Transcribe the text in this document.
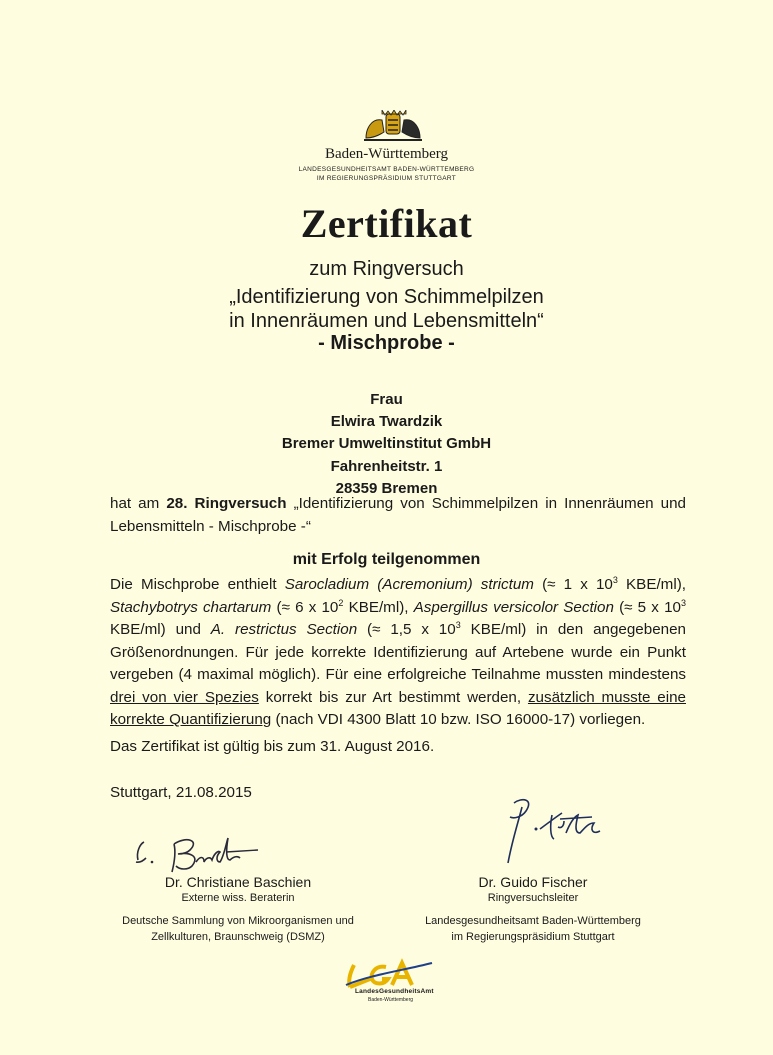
Baden-Württemberg
LANDESGESUNDHEITSAMT BADEN-WÜRTTEMBERG
IM REGIERUNGSPRÄSIDIUM STUTTGART
Zertifikat
zum Ringversuch
„Identifizierung von Schimmelpilzen
in Innenräumen und Lebensmitteln“
- Mischprobe -
Frau
Elwira Twardzik
Bremer Umweltinstitut GmbH
Fahrenheitstr. 1
28359 Bremen
hat am 28. Ringversuch „Identifizierung von Schimmelpilzen in Innenräumen und Lebensmitteln - Mischprobe -“
mit Erfolg teilgenommen
Die Mischprobe enthielt Sarocladium (Acremonium) strictum (≈ 1 x $10^3$ KBE/ml), Stachybotrys chartarum (≈ 6 x $10^2$ KBE/ml), Aspergillus versicolor Section (≈ 5 x $10^3$ KBE/ml) und A. restrictus Section (≈ 1,5 x $10^3$ KBE/ml) in den angegebenen Größenordnungen. Für jede korrekte Identifizierung auf Artebene wurde ein Punkt vergeben (4 maximal möglich). Für eine erfolgreiche Teilnahme mussten mindestens drei von vier Spezies korrekt bis zur Art bestimmt werden, zusätzlich musste eine korrekte Quantifizierung (nach VDI 4300 Blatt 10 bzw. ISO 16000-17) vorliegen.
Das Zertifikat ist gültig bis zum 31. August 2016.
Stuttgart, 21.08.2015
Dr. Christiane Baschien
Externe wiss. Beraterin
Deutsche Sammlung von Mikroorganismen und
Zellkulturen, Braunschweig (DSMZ)
Dr. Guido Fischer
Ringversuchsleiter
Landesgesundheitsamt Baden-Württemberg
im Regierungspräsidium Stuttgart
LandesGesundheitsAmt
Baden-Württemberg
